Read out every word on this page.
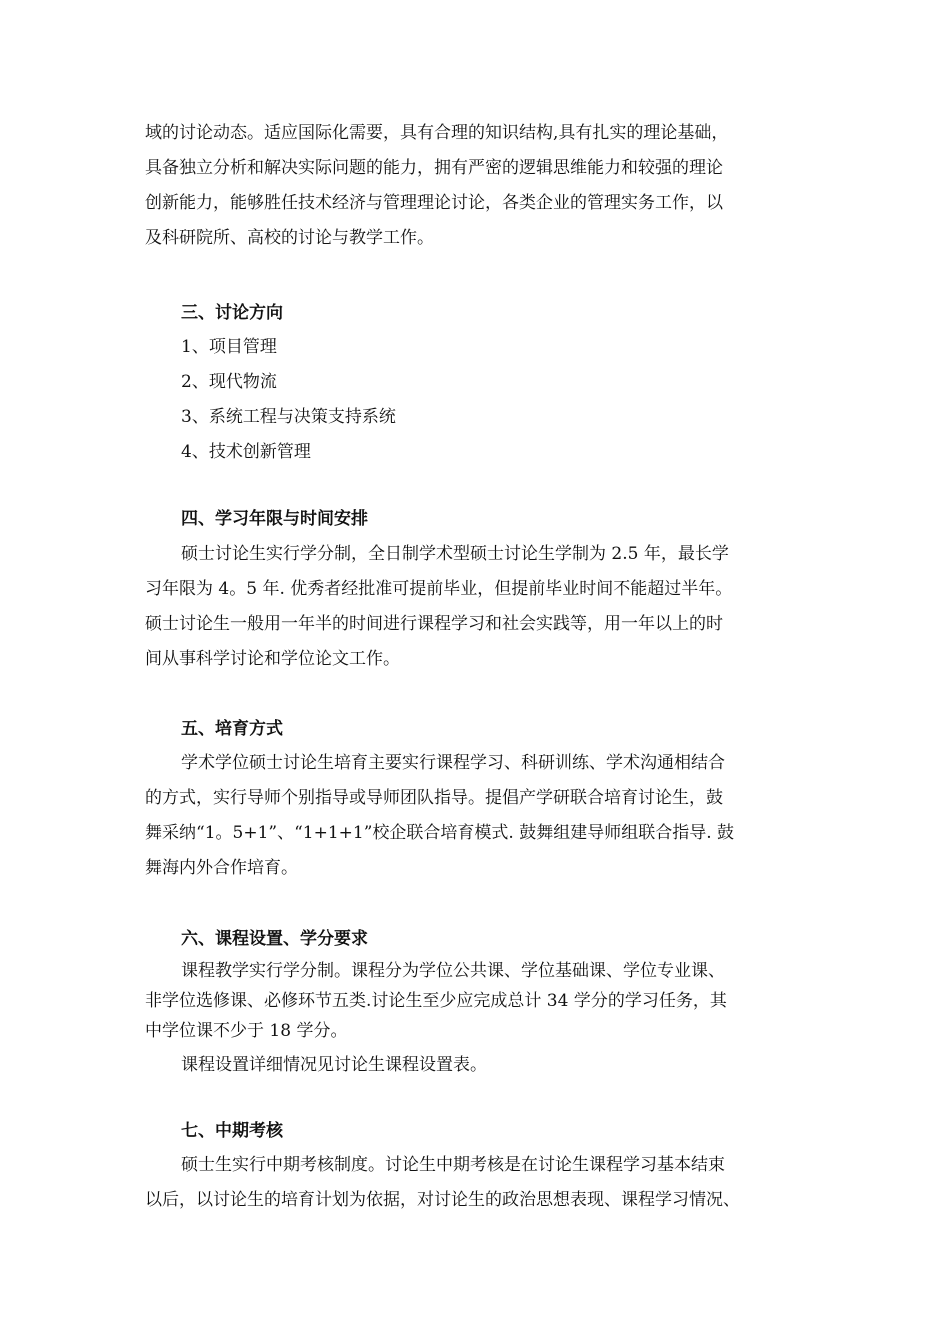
域的讨论动态。适应国际化需要，具有合理的知识结构,具有扎实的理论基础，
具备独立分析和解决实际问题的能力，拥有严密的逻辑思维能力和较强的理论
创新能力，能够胜任技术经济与管理理论讨论，各类企业的管理实务工作，以
及科研院所、高校的讨论与教学工作。
三、讨论方向
1、项目管理
2、现代物流
3、系统工程与决策支持系统
4、技术创新管理
四、学习年限与时间安排
硕士讨论生实行学分制，全日制学术型硕士讨论生学制为 2.5 年，最长学
习年限为 4。5 年. 优秀者经批准可提前毕业，但提前毕业时间不能超过半年。
硕士讨论生一般用一年半的时间进行课程学习和社会实践等，用一年以上的时
间从事科学讨论和学位论文工作。
五、培育方式
学术学位硕士讨论生培育主要实行课程学习、科研训练、学术沟通相结合
的方式，实行导师个别指导或导师团队指导。提倡产学研联合培育讨论生，鼓
舞采纳“1。5+1”、“1+1+1”校企联合培育模式. 鼓舞组建导师组联合指导. 鼓
舞海内外合作培育。
六、课程设置、学分要求
课程教学实行学分制。课程分为学位公共课、学位基础课、学位专业课、
非学位选修课、必修环节五类.讨论生至少应完成总计 34 学分的学习任务，其
中学位课不少于 18 学分。
课程设置详细情况见讨论生课程设置表。
七、中期考核
硕士生实行中期考核制度。讨论生中期考核是在讨论生课程学习基本结束
以后，以讨论生的培育计划为依据，对讨论生的政治思想表现、课程学习情况、
